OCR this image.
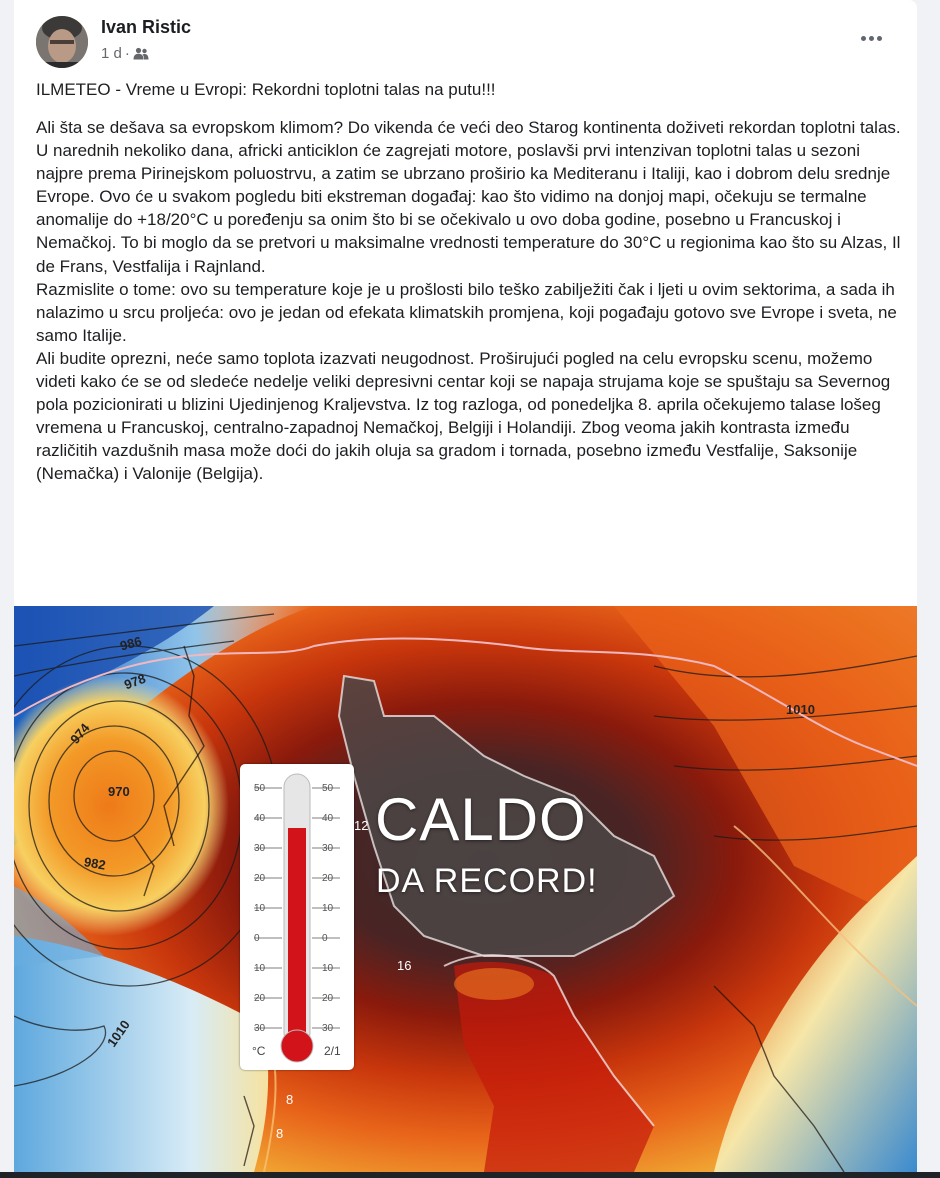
Ivan Ristic
1 d ·
ILMETEO - Vreme u Evropi: Rekordni toplotni talas na putu!!!

Ali šta se dešava sa evropskom klimom? Do vikenda će veći deo Starog kontinenta doživeti rekordan toplotni talas. U narednih nekoliko dana, africki anticiklon će zagrejati motore, poslavši prvi intenzivan toplotni talas u sezoni najpre prema Pirinejskom poluostrvu, a zatim se ubrzano proširio ka Mediteranu i Italiji, kao i dobrom delu srednje Evrope. Ovo će u svakom pogledu biti ekstreman događaj: kao što vidimo na donjoj mapi, očekuju se termalne anomalije do +18/20°C u poređenju sa onim što bi se očekivalo u ovo doba godine, posebno u Francuskoj i Nemačkoj. To bi moglo da se pretvori u maksimalne vrednosti temperature do 30°C u regionima kao što su Alzas, Il de Frans, Vestfalija i Rajnland.

Razmislite o tome: ovo su temperature koje je u prošlosti bilo teško zabilježiti čak i ljeti u ovim sektorima, a sada ih nalazimo u srcu proljeća: ovo je jedan od efekata klimatskih promjena, koji pogađaju gotovo sve Evrope i sveta, ne samo Italije.

Ali budite oprezni, neće samo toplota izazvati neugodnost. Proširujući pogled na celu evropsku scenu, možemo videti kako će se od sledeće nedelje veliki depresivni centar koji se napaja strujama koje se spuštaju sa Severnog pola pozicionirati u blizini Ujedinjenog Kraljevstva. Iz tog razloga, od ponedeljka 8. aprila očekujemo talase lošeg vremena u Francuskoj, centralno-zapadnoj Nemačkoj, Belgiji i Holandiji. Zbog veoma jakih kontrasta između različitih vazdušnih masa može doći do jakih oluja sa gradom i tornada, posebno između Vestfalije, Saksonije (Nemačka) i Valonije (Belgija).

986
978
974
970
982
1010
1010
16
12
8
8
50
40
30
20
10
0
10
20
30
50
40
30
20
10
0
10
20
30
°C	2/1
CALDO
DA RECORD!
